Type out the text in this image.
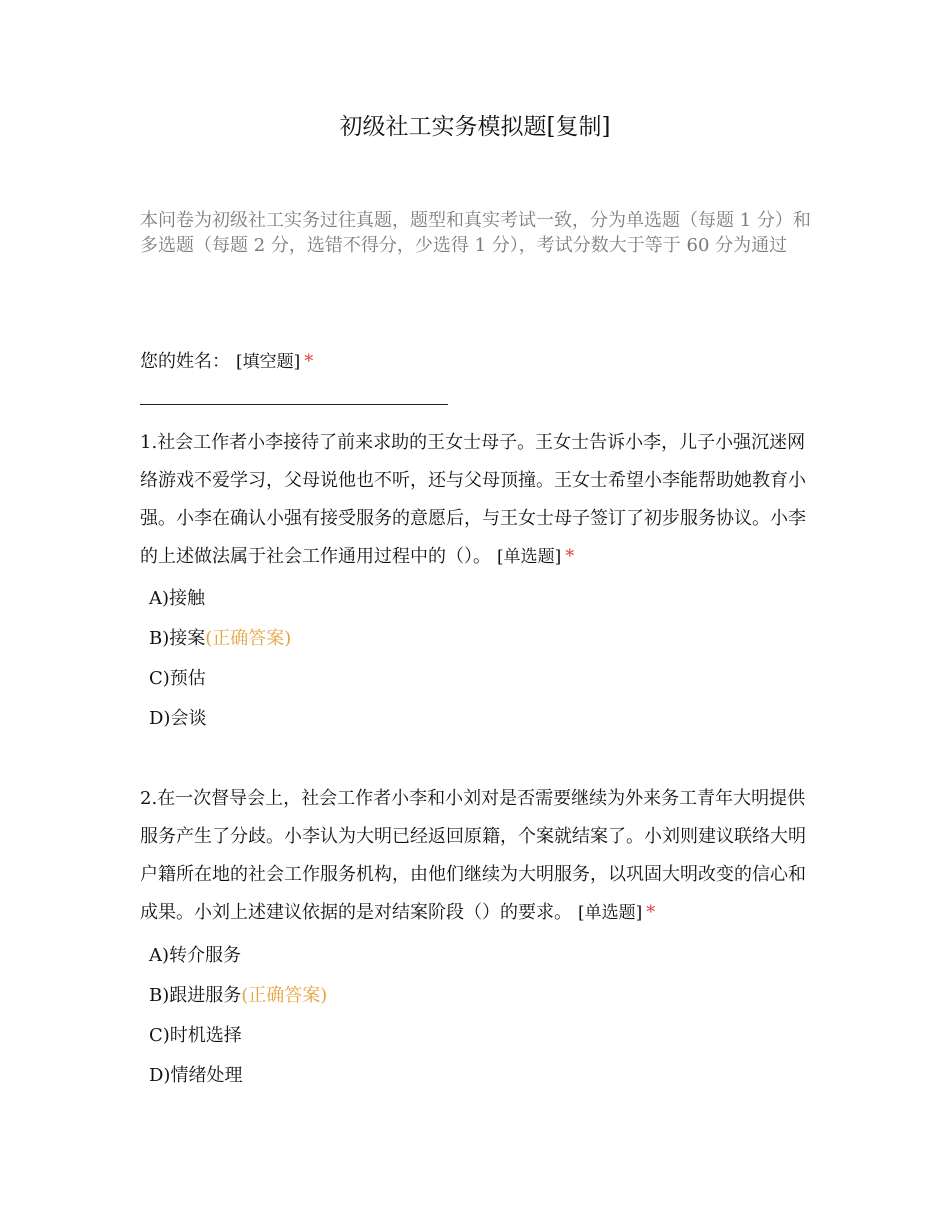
初级社工实务模拟题[复制]
本问卷为初级社工实务过往真题，题型和真实考试一致，分为单选题（每题 1 分）和多选题（每题 2 分，选错不得分，少选得 1 分），考试分数大于等于 60 分为通过
您的姓名： [填空题] *
1.社会工作者小李接待了前来求助的王女士母子。王女士告诉小李，儿子小强沉迷网络游戏不爱学习，父母说他也不听，还与父母顶撞。王女士希望小李能帮助她教育小强。小李在确认小强有接受服务的意愿后，与王女士母子签订了初步服务协议。小李的上述做法属于社会工作通用过程中的（）。 [单选题] *
A)接触
B)接案(正确答案)
C)预估
D)会谈
2.在一次督导会上，社会工作者小李和小刘对是否需要继续为外来务工青年大明提供服务产生了分歧。小李认为大明已经返回原籍，个案就结案了。小刘则建议联络大明户籍所在地的社会工作服务机构，由他们继续为大明服务，以巩固大明改变的信心和成果。小刘上述建议依据的是对结案阶段（）的要求。 [单选题] *
A)转介服务
B)跟进服务(正确答案)
C)时机选择
D)情绪处理
